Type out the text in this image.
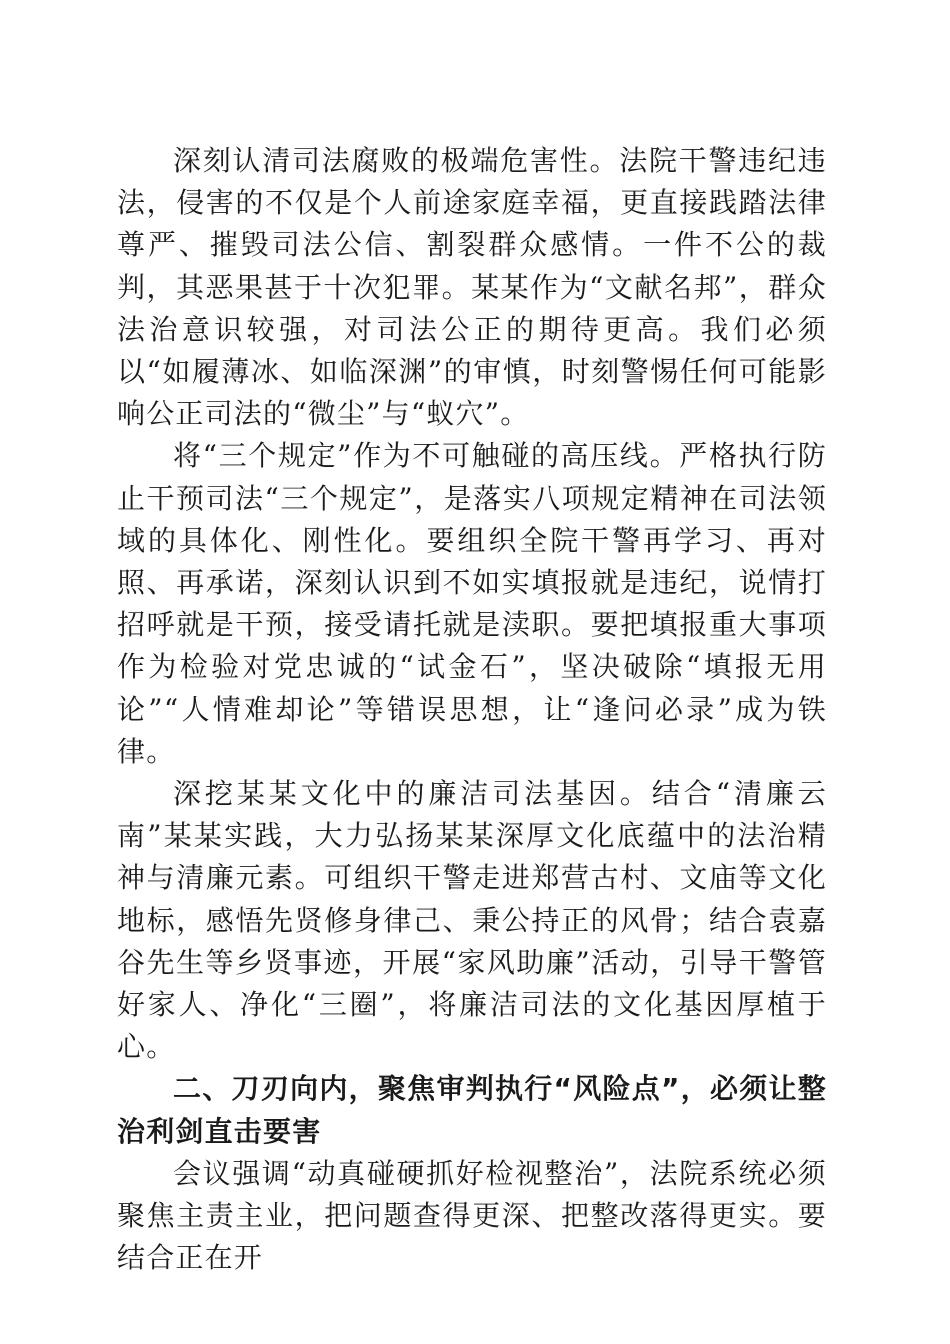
深刻认清司法腐败的极端危害性。法院干警违纪违法，侵害的不仅是个人前途家庭幸福，更直接践踏法律尊严、摧毁司法公信、割裂群众感情。一件不公的裁判，其恶果甚于十次犯罪。某某作为“文献名邦”，群众法治意识较强，对司法公正的期待更高。我们必须以“如履薄冰、如临深渊”的审慎，时刻警惕任何可能影响公正司法的“微尘”与“蚁穴”。

将“三个规定”作为不可触碰的高压线。严格执行防止干预司法“三个规定”，是落实八项规定精神在司法领域的具体化、刚性化。要组织全院干警再学习、再对照、再承诺，深刻认识到不如实填报就是违纪，说情打招呼就是干预，接受请托就是渎职。要把填报重大事项作为检验对党忠诚的“试金石”，坚决破除“填报无用论”“人情难却论”等错误思想，让“逢问必录”成为铁律。

深挖某某文化中的廉洁司法基因。结合“清廉云南”某某实践，大力弘扬某某深厚文化底蕴中的法治精神与清廉元素。可组织干警走进郑营古村、文庙等文化地标，感悟先贤修身律己、秉公持正的风骨；结合袁嘉谷先生等乡贤事迹，开展“家风助廉”活动，引导干警管好家人、净化“三圈”，将廉洁司法的文化基因厚植于心。

二、刀刃向内，聚焦审判执行“风险点”，必须让整治利剑直击要害

会议强调“动真碰硬抓好检视整治”，法院系统必须聚焦主责主业，把问题查得更深、把整改落得更实。要结合正在开
